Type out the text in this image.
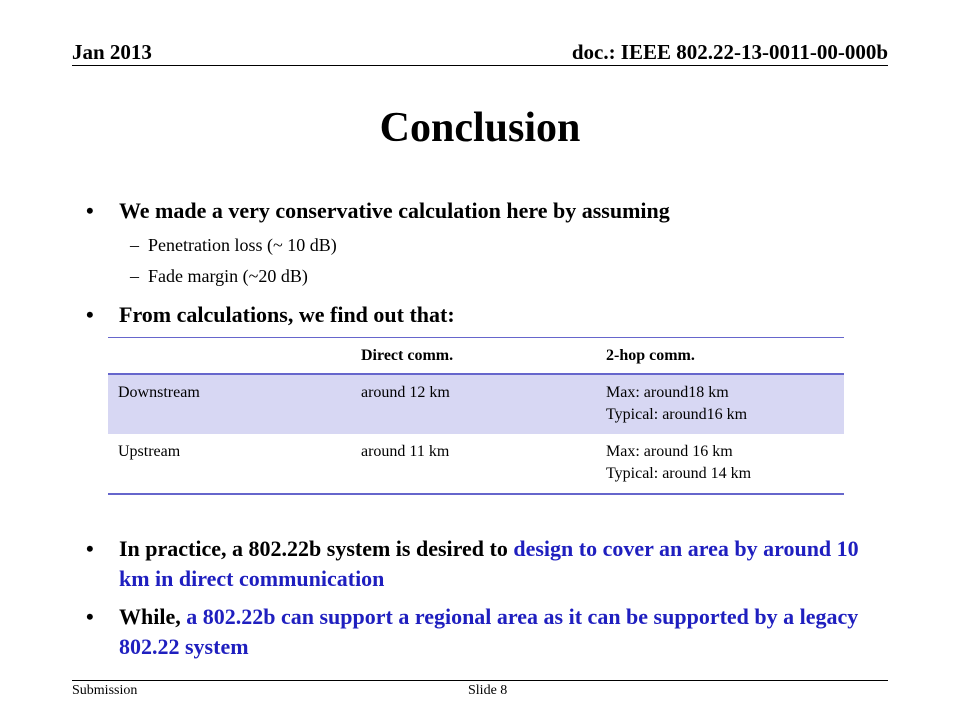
Jan 2013	doc.: IEEE 802.22-13-0011-00-000b
Conclusion
• We made a very conservative calculation here by assuming
– Penetration loss (~ 10 dB)
– Fade margin (~20 dB)
• From calculations, we find out that:
	Direct comm.	2-hop comm.
Downstream	around 12 km	Max: around18 km
Typical: around16 km

Upstream	around 11 km	Max: around 16 km
Typical: around 14 km
• In practice, a 802.22b system is desired to design to cover an area by around 10 km in direct communication
• While, a 802.22b can support a regional area as it can be supported by a legacy 802.22 system
Submission	Slide 8
